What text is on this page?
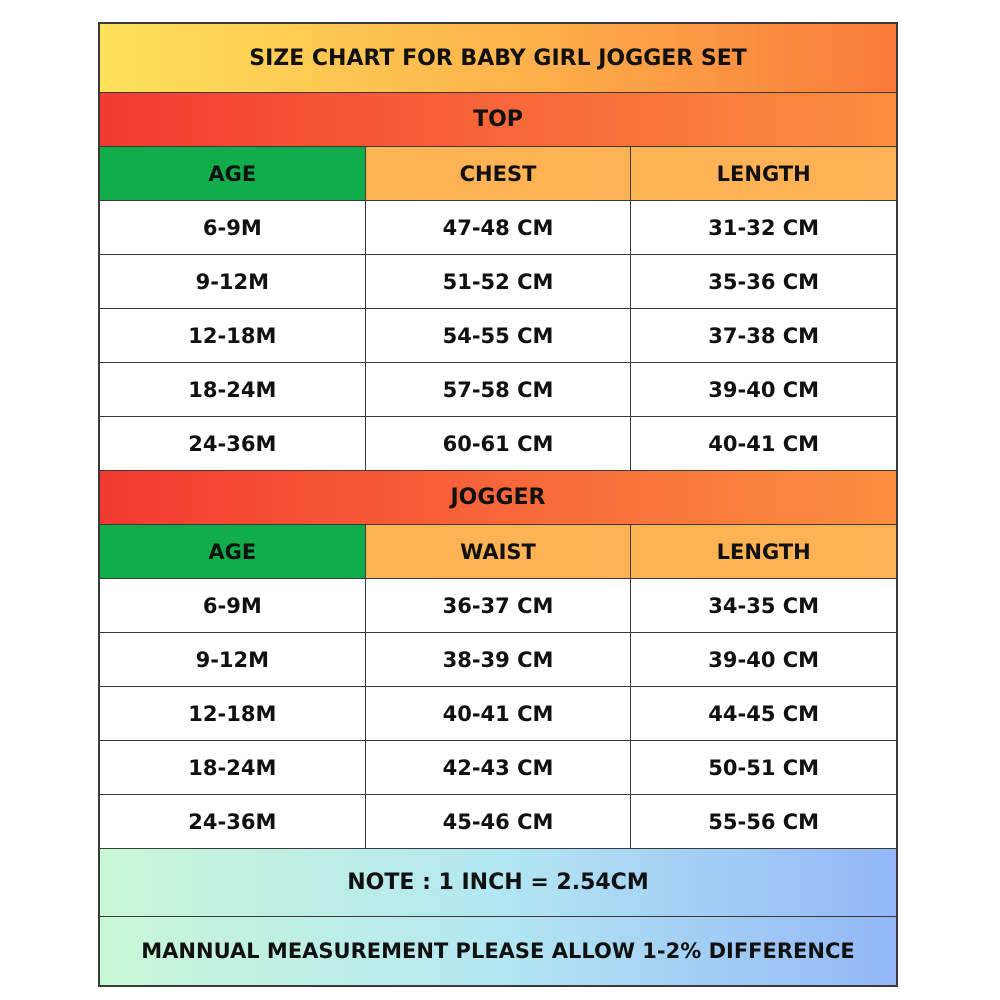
SIZE CHART FOR BABY GIRL JOGGER SET
TOP
AGE	CHEST	LENGTH
6-9M	47-48 CM	31-32 CM
9-12M	51-52 CM	35-36 CM
12-18M	54-55 CM	37-38 CM
18-24M	57-58 CM	39-40 CM
24-36M	60-61 CM	40-41 CM
JOGGER
AGE	WAIST	LENGTH
6-9M	36-37 CM	34-35 CM
9-12M	38-39 CM	39-40 CM
12-18M	40-41 CM	44-45 CM
18-24M	42-43 CM	50-51 CM
24-36M	45-46 CM	55-56 CM
NOTE : 1 INCH = 2.54CM
MANNUAL MEASUREMENT PLEASE ALLOW 1-2% DIFFERENCE
